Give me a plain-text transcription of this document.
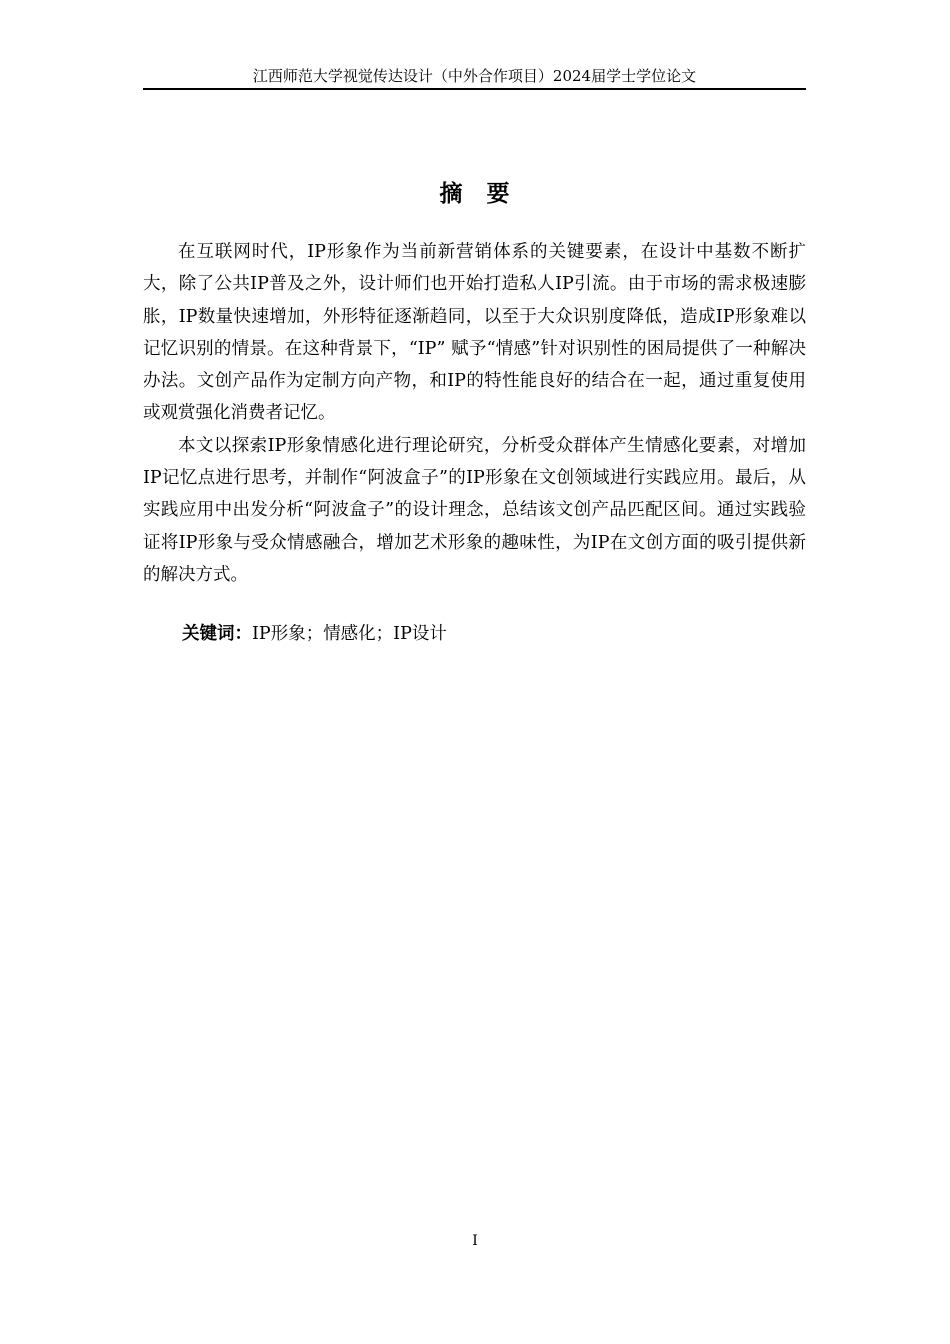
江西师范大学视觉传达设计（中外合作项目）2024届学士学位论文
摘要

在互联网时代，IP形象作为当前新营销体系的关键要素，在设计中基数不断扩大，除了公共IP普及之外，设计师们也开始打造私人IP引流。由于市场的需求极速膨胀，IP数量快速增加，外形特征逐渐趋同，以至于大众识别度降低，造成IP形象难以记忆识别的情景。在这种背景下，“IP” 赋予“情感”针对识别性的困局提供了一种解决办法。文创产品作为定制方向产物，和IP的特性能良好的结合在一起，通过重复使用或观赏强化消费者记忆。

本文以探索IP形象情感化进行理论研究，分析受众群体产生情感化要素，对增加IP记忆点进行思考，并制作“阿波盒子”的IP形象在文创领域进行实践应用。最后，从实践应用中出发分析“阿波盒子”的设计理念，总结该文创产品匹配区间。通过实践验证将IP形象与受众情感融合，增加艺术形象的趣味性，为IP在文创方面的吸引提供新的解决方式。

关键词：IP形象；情感化；IP设计
I
